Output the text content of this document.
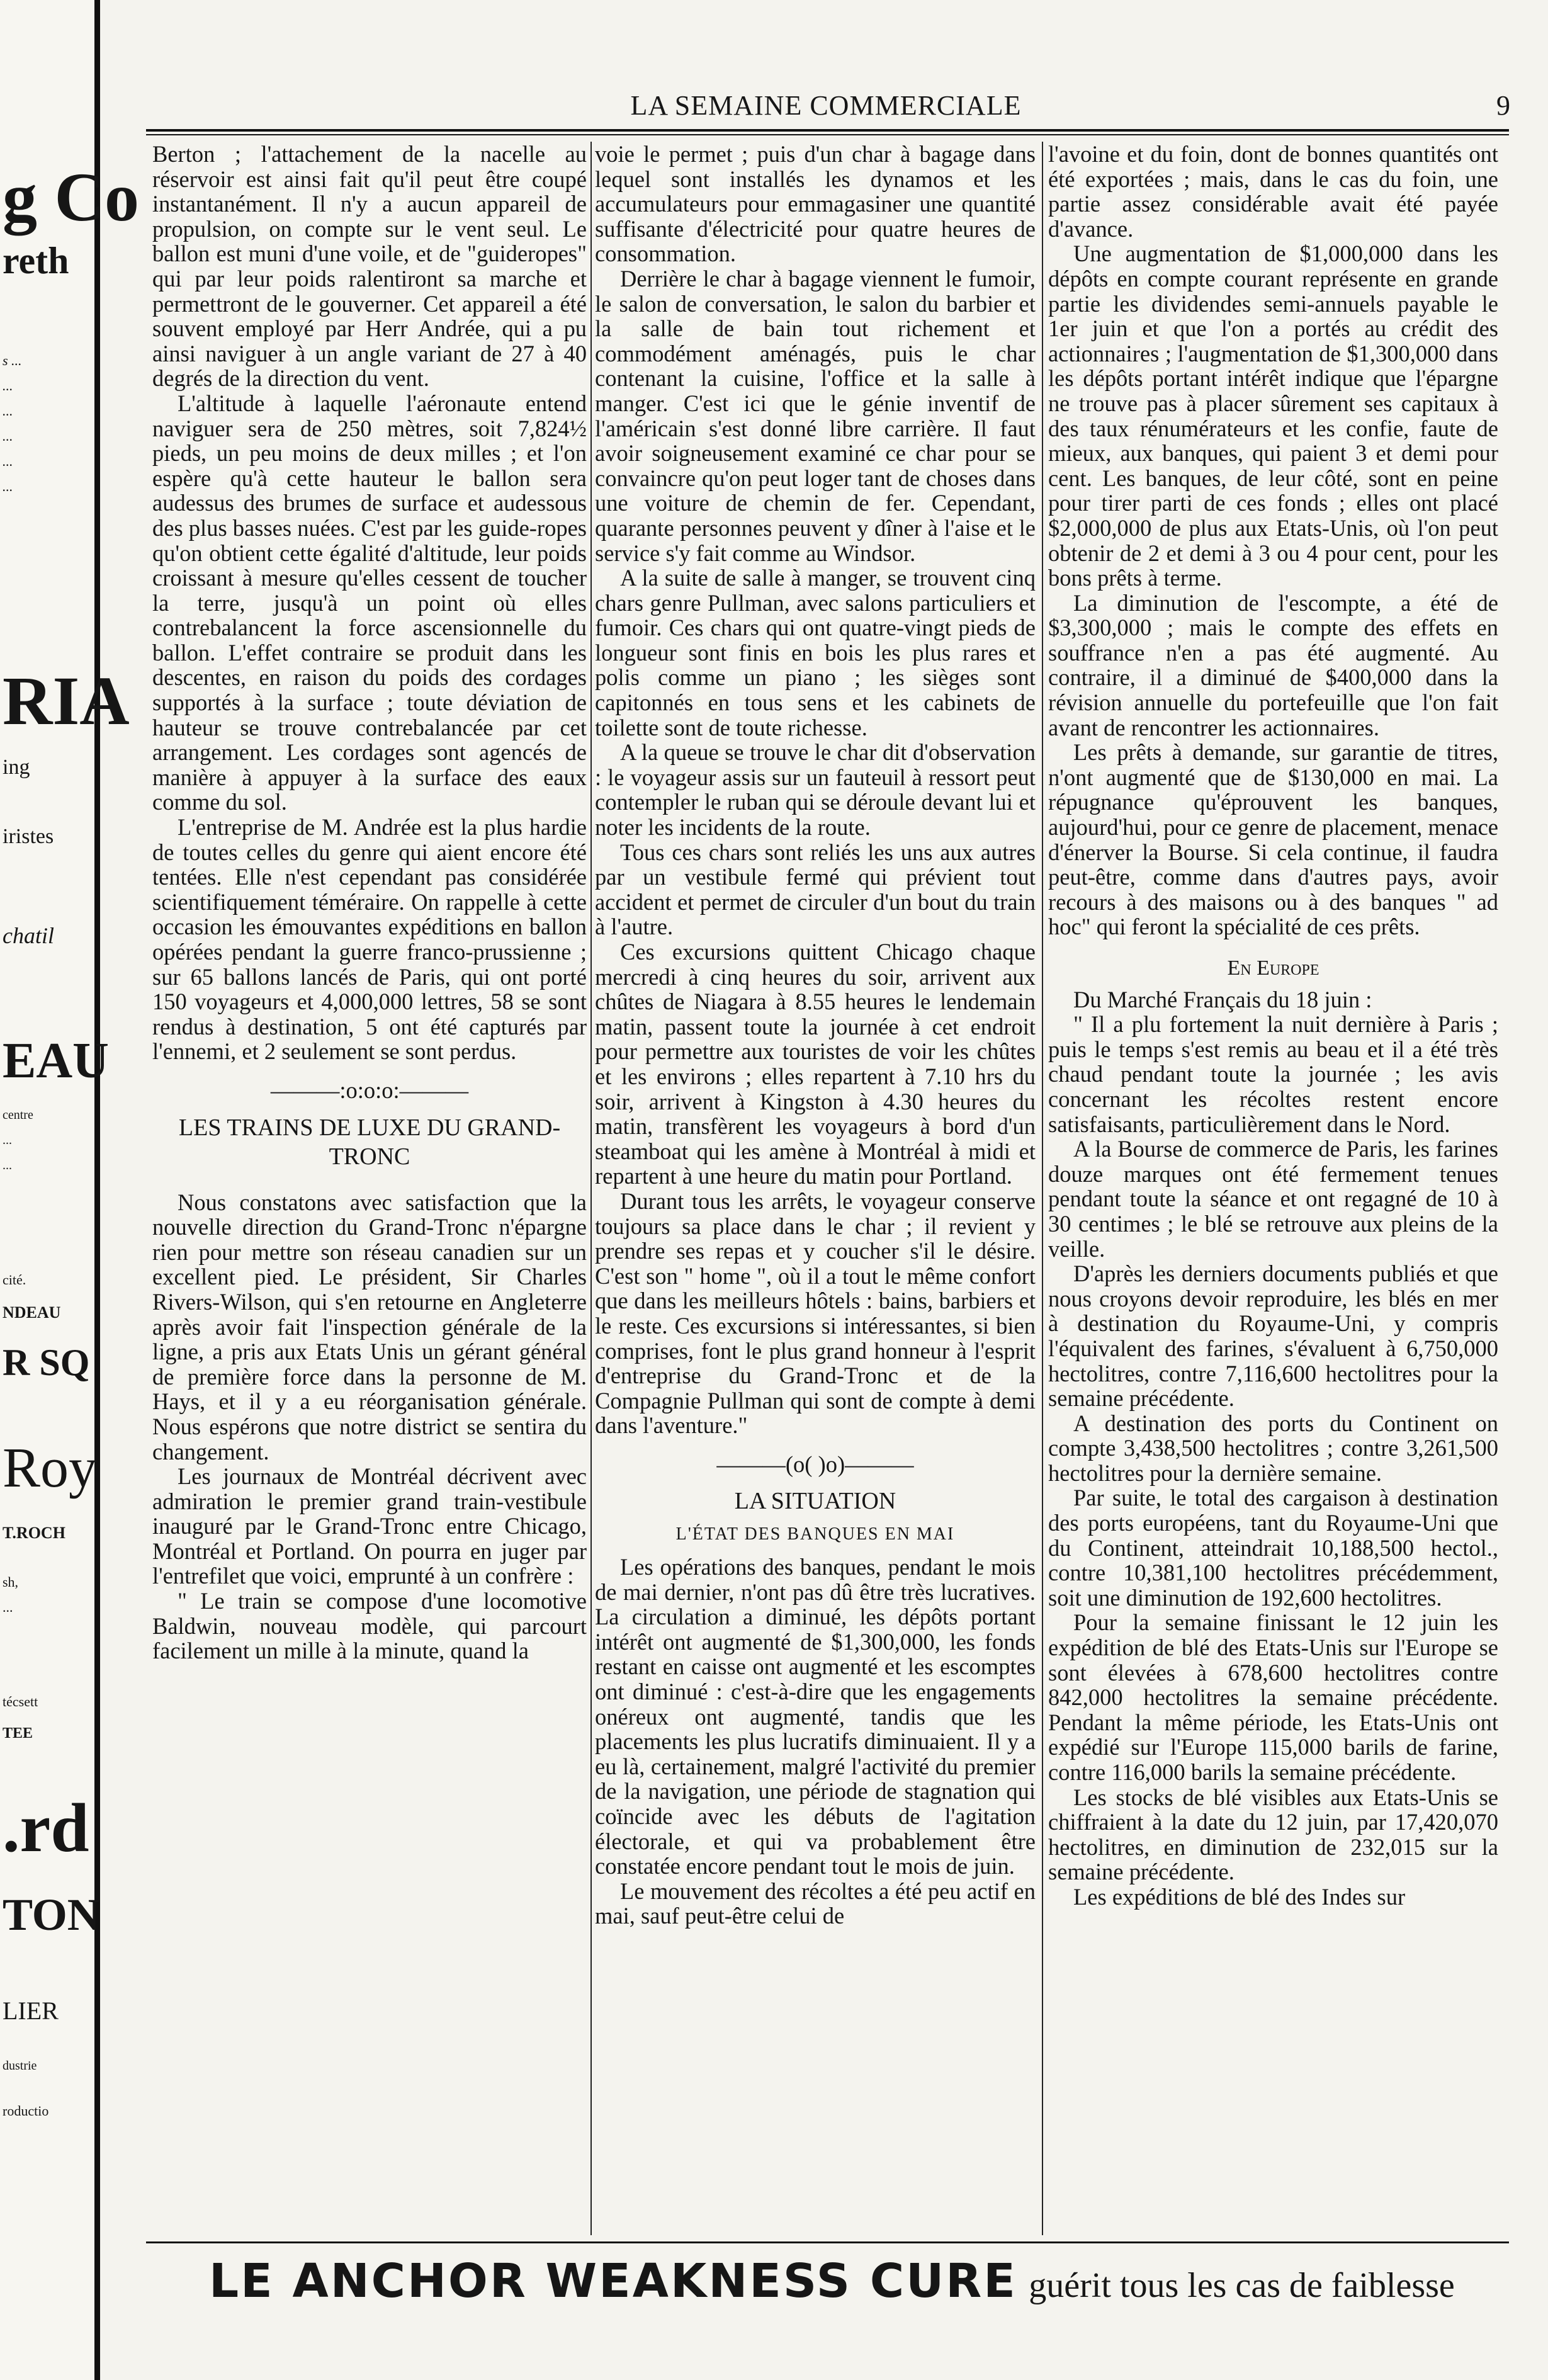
g Co
reth
s ...
...
...
...
...
...
RIA
ing
iristes
chatil
EAU
centre
...
...
cité.
NDEAU
R SQ
Roy
T.ROCH
sh,
...
técsett
TEE
.rd
TON
LIER
dustrie
roductio
LA SEMAINE COMMERCIALE	9

Berton ; l'attachement de la nacelle au réservoir est ainsi fait qu'il peut être coupé instantanément. Il n'y a aucun appareil de propulsion, on compte sur le vent seul. Le ballon est muni d'une voile, et de "guideropes" qui par leur poids ralentiront sa marche et permettront de le gouverner. Cet appareil a été souvent employé par Herr Andrée, qui a pu ainsi naviguer à un angle variant de 27 à 40 degrés de la direction du vent.

L'altitude à laquelle l'aéronaute entend naviguer sera de 250 mètres, soit 7,824½ pieds, un peu moins de deux milles ; et l'on espère qu'à cette hauteur le ballon sera audessus des brumes de surface et audessous des plus basses nuées. C'est par les guide-ropes qu'on obtient cette égalité d'altitude, leur poids croissant à mesure qu'elles cessent de toucher la terre, jusqu'à un point où elles contrebalancent la force ascensionnelle du ballon. L'effet contraire se produit dans les descentes, en raison du poids des cordages supportés à la surface ; toute déviation de hauteur se trouve contrebalancée par cet arrangement. Les cordages sont agencés de manière à appuyer à la surface des eaux comme du sol.

L'entreprise de M. Andrée est la plus hardie de toutes celles du genre qui aient encore été tentées. Elle n'est cependant pas considérée scientifiquement téméraire. On rappelle à cette occasion les émouvantes expéditions en ballon opérées pendant la guerre franco-prussienne ; sur 65 ballons lancés de Paris, qui ont porté 150 voyageurs et 4,000,000 lettres, 58 se sont rendus à destination, 5 ont été capturés par l'ennemi, et 2 seulement se sont perdus.

———:o:o:o:———
LES TRAINS DE LUXE DU GRAND-TRONC

Nous constatons avec satisfaction que la nouvelle direction du Grand-Tronc n'épargne rien pour mettre son réseau canadien sur un excellent pied. Le président, Sir Charles Rivers-Wilson, qui s'en retourne en Angleterre après avoir fait l'inspection générale de la ligne, a pris aux Etats Unis un gérant général de première force dans la personne de M. Hays, et il y a eu réorganisation générale. Nous espérons que notre district se sentira du changement.

Les journaux de Montréal décrivent avec admiration le premier grand train-vestibule inauguré par le Grand-Tronc entre Chicago, Montréal et Portland. On pourra en juger par l'entrefilet que voici, emprunté à un confrère :

" Le train se compose d'une locomotive Baldwin, nouveau modèle, qui parcourt facilement un mille à la minute, quand la

voie le permet ; puis d'un char à bagage dans lequel sont installés les dynamos et les accumulateurs pour emmagasiner une quantité suffisante d'électricité pour quatre heures de consommation.

Derrière le char à bagage viennent le fumoir, le salon de conversation, le salon du barbier et la salle de bain tout richement et commodément aménagés, puis le char contenant la cuisine, l'office et la salle à manger. C'est ici que le génie inventif de l'américain s'est donné libre carrière. Il faut avoir soigneusement examiné ce char pour se convaincre qu'on peut loger tant de choses dans une voiture de chemin de fer. Cependant, quarante personnes peuvent y dîner à l'aise et le service s'y fait comme au Windsor.

A la suite de salle à manger, se trouvent cinq chars genre Pullman, avec salons particuliers et fumoir. Ces chars qui ont quatre-vingt pieds de longueur sont finis en bois les plus rares et polis comme un piano ; les sièges sont capitonnés en tous sens et les cabinets de toilette sont de toute richesse.

A la queue se trouve le char dit d'observation : le voyageur assis sur un fauteuil à ressort peut contempler le ruban qui se déroule devant lui et noter les incidents de la route.

Tous ces chars sont reliés les uns aux autres par un vestibule fermé qui prévient tout accident et permet de circuler d'un bout du train à l'autre.

Ces excursions quittent Chicago chaque mercredi à cinq heures du soir, arrivent aux chûtes de Niagara à 8.55 heures le lendemain matin, passent toute la journée à cet endroit pour permettre aux touristes de voir les chûtes et les environs ; elles repartent à 7.10 hrs du soir, arrivent à Kingston à 4.30 heures du matin, transfèrent les voyageurs à bord d'un steamboat qui les amène à Montréal à midi et repartent à une heure du matin pour Portland.

Durant tous les arrêts, le voyageur conserve toujours sa place dans le char ; il revient y prendre ses repas et y coucher s'il le désire. C'est son " home ", où il a tout le même confort que dans les meilleurs hôtels : bains, barbiers et le reste. Ces excursions si intéressantes, si bien comprises, font le plus grand honneur à l'esprit d'entreprise du Grand-Tronc et de la Compagnie Pullman qui sont de compte à demi dans l'aventure."

———(o( )o)———
LA SITUATION
L'ÉTAT DES BANQUES EN MAI

Les opérations des banques, pendant le mois de mai dernier, n'ont pas dû être très lucratives. La circulation a diminué, les dépôts portant intérêt ont augmenté de $1,300,000, les fonds restant en caisse ont augmenté et les escomptes ont diminué : c'est-à-dire que les engagements onéreux ont augmenté, tandis que les placements les plus lucratifs diminuaient. Il y a eu là, certainement, malgré l'activité du premier de la navigation, une période de stagnation qui coïncide avec les débuts de l'agitation électorale, et qui va probablement être constatée encore pendant tout le mois de juin.

Le mouvement des récoltes a été peu actif en mai, sauf peut-être celui de

l'avoine et du foin, dont de bonnes quantités ont été exportées ; mais, dans le cas du foin, une partie assez considérable avait été payée d'avance.

Une augmentation de $1,000,000 dans les dépôts en compte courant représente en grande partie les dividendes semi-annuels payable le 1er juin et que l'on a portés au crédit des actionnaires ; l'augmentation de $1,300,000 dans les dépôts portant intérêt indique que l'épargne ne trouve pas à placer sûrement ses capitaux à des taux rénumérateurs et les confie, faute de mieux, aux banques, qui paient 3 et demi pour cent. Les banques, de leur côté, sont en peine pour tirer parti de ces fonds ; elles ont placé $2,000,000 de plus aux Etats-Unis, où l'on peut obtenir de 2 et demi à 3 ou 4 pour cent, pour les bons prêts à terme.

La diminution de l'escompte, a été de $3,300,000 ; mais le compte des effets en souffrance n'en a pas été augmenté. Au contraire, il a diminué de $400,000 dans la révision annuelle du portefeuille que l'on fait avant de rencontrer les actionnaires.

Les prêts à demande, sur garantie de titres, n'ont augmenté que de $130,000 en mai. La répugnance qu'éprouvent les banques, aujourd'hui, pour ce genre de placement, menace d'énerver la Bourse. Si cela continue, il faudra peut-être, comme dans d'autres pays, avoir recours à des maisons ou à des banques " ad hoc" qui feront la spécialité de ces prêts.

En Europe

Du Marché Français du 18 juin :

" Il a plu fortement la nuit dernière à Paris ; puis le temps s'est remis au beau et il a été très chaud pendant toute la journée ; les avis concernant les récoltes restent encore satisfaisants, particulièrement dans le Nord.

A la Bourse de commerce de Paris, les farines douze marques ont été fermement tenues pendant toute la séance et ont regagné de 10 à 30 centimes ; le blé se retrouve aux pleins de la veille.

D'après les derniers documents publiés et que nous croyons devoir reproduire, les blés en mer à destination du Royaume-Uni, y compris l'équivalent des farines, s'évaluent à 6,750,000 hectolitres, contre 7,116,600 hectolitres pour la semaine précédente.

A destination des ports du Continent on compte 3,438,500 hectolitres ; contre 3,261,500 hectolitres pour la dernière semaine.

Par suite, le total des cargaison à destination des ports européens, tant du Royaume-Uni que du Continent, atteindrait 10,188,500 hectol., contre 10,381,100 hectolitres précédemment, soit une diminution de 192,600 hectolitres.

Pour la semaine finissant le 12 juin les expédition de blé des Etats-Unis sur l'Europe se sont élevées à 678,600 hectolitres contre 842,000 hectolitres la semaine précédente. Pendant la même période, les Etats-Unis ont expédié sur l'Europe 115,000 barils de farine, contre 116,000 barils la semaine précédente.

Les stocks de blé visibles aux Etats-Unis se chiffraient à la date du 12 juin, par 17,420,070 hectolitres, en diminution de 232,015 sur la semaine précédente.

Les expéditions de blé des Indes sur

LE ANCHOR WEAKNESS CURE guérit tous les cas de faiblesse
